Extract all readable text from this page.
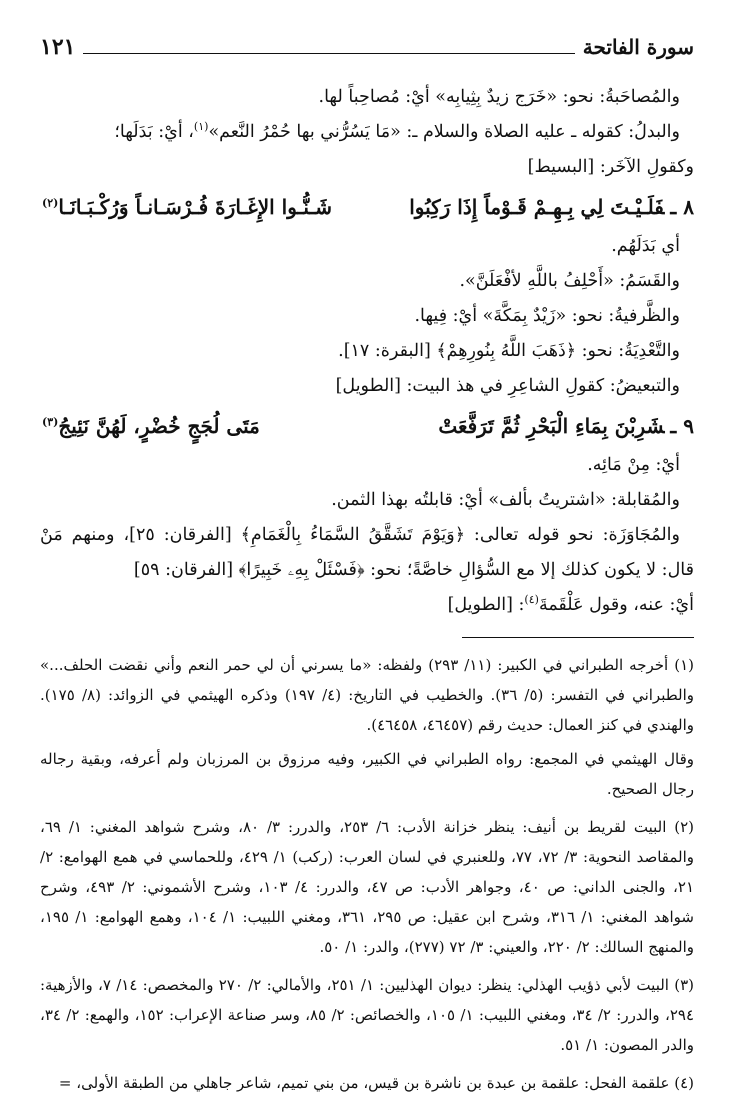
سورة الفاتحة
١٢١

والمُصاحَبةُ: نحو: «خَرَج زيدٌ بِثِيابِه» أيْ: مُصاحِباً لها.

والبدلُ: كقوله ـ عليه الصلاة والسلام ـ: «مَا يَسُرُّني بها حُمْرُ النَّعم»$^{(١)}$، أيْ: بَدَلَها؛

وكقولِ الآخَر: [البسيط]

٨ ـفَلَـيْـتَ لِي بِـهِـمْ قَـوْماً إِذَا رَكِبُوا
شَـنُّـوا الإِغَـارَةَ فُـرْسَـانـاً وَرُكْـبَـانَـا$^{(٢)}$

أي بَدَلَهُم.

والقَسَمُ: «أَحْلِفُ باللَّهِ لأفْعَلَنَّ».

والظَّرفيةُ: نحو: «زَيْدٌ بِمَكَّةَ» أيْ: فِيها.

والتَّعْدِيَةُ: نحو: ﴿ذَهَبَ اللَّهُ بِنُورِهِمْ﴾ [البقرة: ١٧].

والتبعيضُ: كقولِ الشاعِرِ في هذ البيت: [الطويل]

٩ ـشَرِبْنَ بِمَاءِ الْبَحْرِ ثُمَّ تَرَفَّعَتْ
مَتَى لُجَجٍ خُضْرٍ، لَهُنَّ نَئِيجُ$^{(٣)}$

أيْ: مِنْ مَائِه.

والمُقابلة: «اشتريتُ بألف» أيْ: قابلتُه بهذا الثمن.

والمُجَاوَزَة: نحو قوله تعالى: ﴿وَيَوْمَ تَشَقَّقُ السَّمَاءُ بِالْغَمَامِ﴾ [الفرقان: ٢٥]، ومنهم مَنْ قال: لا يكون كذلك إلا مع السُّؤالِ خاصَّةً؛ نحو: ﴿فَسْئَلْ بِهِۦ خَبِيرًا﴾ [الفرقان: ٥٩]

أيْ: عنه، وقول عَلْقَمةَ$^{(٤)}$: [الطويل]

(١) أخرجه الطبراني في الكبير: (١١/ ٢٩٣) ولفظه: «ما يسرني أن لي حمر النعم وأني نقضت الحلف...» والطبراني في التفسر: (٥/ ٣٦). والخطيب في التاريخ: (٤/ ١٩٧) وذكره الهيثمي في الزوائد: (٨/ ١٧٥). والهندي في كنز العمال: حديث رقم (٤٦٤٥٧، ٤٦٤٥٨).
وقال الهيثمي في المجمع: رواه الطبراني في الكبير، وفيه مرزوق بن المرزبان ولم أعرفه، وبقية رجاله رجال الصحيح.

(٢) البيت لقريط بن أنيف: ينظر خزانة الأدب: ٦/ ٢٥٣، والدرر: ٣/ ٨٠، وشرح شواهد المغني: ١/ ٦٩، والمقاصد النحوية: ٣/ ٧٢، ٧٧، وللعنبري في لسان العرب: (ركب) ١/ ٤٢٩، وللحماسي في همع الهوامع: ٢/ ٢١، والجنى الداني: ص ٤٠، وجواهر الأدب: ص ٤٧، والدرر: ٤/ ١٠٣، وشرح الأشموني: ٢/ ٤٩٣، وشرح شواهد المغني: ١/ ٣١٦، وشرح ابن عقيل: ص ٢٩٥، ٣٦١، ومغني اللبيب: ١/ ١٠٤، وهمع الهوامع: ١/ ١٩٥، والمنهج السالك: ٢/ ٢٢٠، والعيني: ٣/ ٧٢ (٢٧٧)، والدر: ١/ ٥٠.

(٣) البيت لأبي ذؤيب الهذلي: ينظر: ديوان الهذليين: ١/ ٢٥١، والأمالي: ٢/ ٢٧٠ والمخصص: ١٤/ ٧، والأزهية: ٢٩٤، والدرر: ٢/ ٣٤، ومغني اللبيب: ١/ ١٠٥، والخصائص: ٢/ ٨٥، وسر صناعة الإعراب: ١٥٢، والهمع: ٢/ ٣٤، والدر المصون: ١/ ٥١.

(٤) علقمة الفحل: علقمة بن عبدة بن ناشرة بن قيس، من بني تميم، شاعر جاهلي من الطبقة الأولى، =
